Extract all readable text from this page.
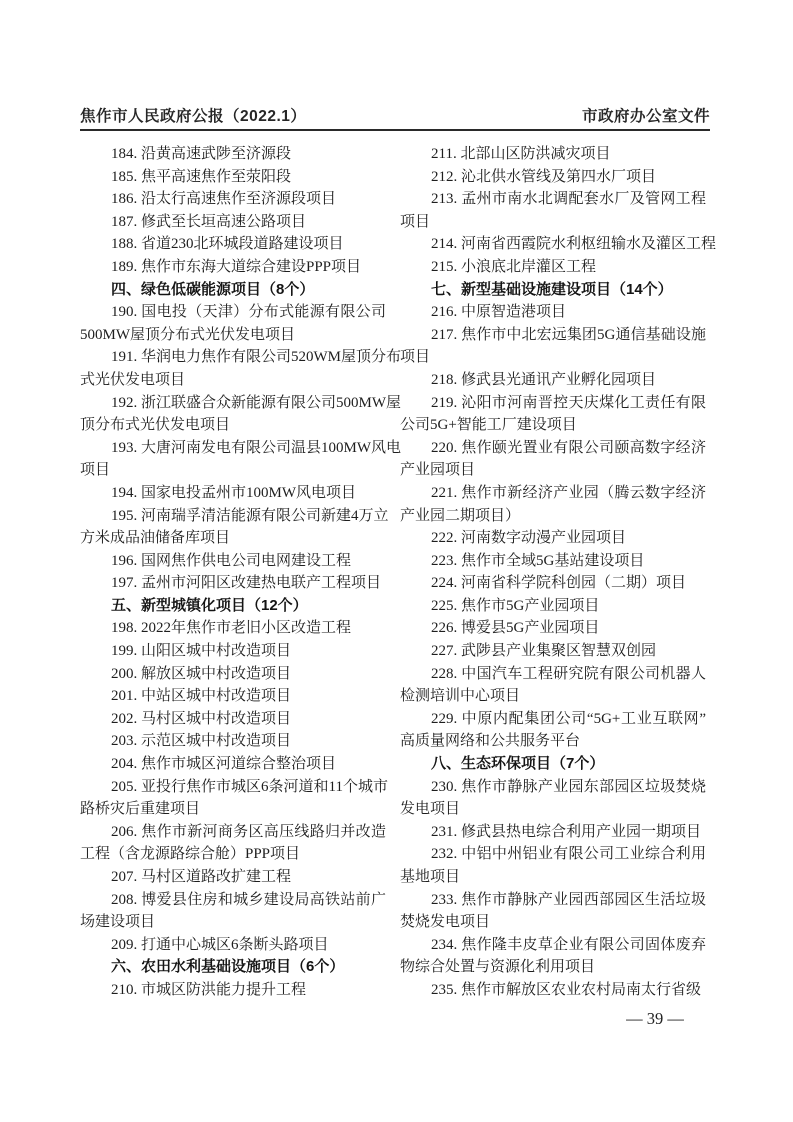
焦作市人民政府公报（2022.1）	市政府办公室文件
184. 沿黄高速武陟至济源段
185. 焦平高速焦作至荥阳段
186. 沿太行高速焦作至济源段项目
187. 修武至长垣高速公路项目
188. 省道230北环城段道路建设项目
189. 焦作市东海大道综合建设PPP项目
四、绿色低碳能源项目（8个）
190. 国电投（天津）分布式能源有限公司
500MW屋顶分布式光伏发电项目
191. 华润电力焦作有限公司520WM屋顶分布
式光伏发电项目
192. 浙江联盛合众新能源有限公司500MW屋
顶分布式光伏发电项目
193. 大唐河南发电有限公司温县100MW风电
项目
194. 国家电投孟州市100MW风电项目
195. 河南瑞孚清洁能源有限公司新建4万立
方米成品油储备库项目
196. 国网焦作供电公司电网建设工程
197. 孟州市河阳区改建热电联产工程项目
五、新型城镇化项目（12个）
198. 2022年焦作市老旧小区改造工程
199. 山阳区城中村改造项目
200. 解放区城中村改造项目
201. 中站区城中村改造项目
202. 马村区城中村改造项目
203. 示范区城中村改造项目
204. 焦作市城区河道综合整治项目
205. 亚投行焦作市城区6条河道和11个城市
路桥灾后重建项目
206. 焦作市新河商务区高压线路归并改造
工程（含龙源路综合舱）PPP项目
207. 马村区道路改扩建工程
208. 博爱县住房和城乡建设局高铁站前广
场建设项目
209. 打通中心城区6条断头路项目
六、农田水利基础设施项目（6个）
210. 市城区防洪能力提升工程
211. 北部山区防洪减灾项目
212. 沁北供水管线及第四水厂项目
213. 孟州市南水北调配套水厂及管网工程
项目
214. 河南省西霞院水利枢纽输水及灌区工程
215. 小浪底北岸灌区工程
七、新型基础设施建设项目（14个）
216. 中原智造港项目
217. 焦作市中北宏远集团5G通信基础设施
项目
218. 修武县光通讯产业孵化园项目
219. 沁阳市河南晋控天庆煤化工责任有限
公司5G+智能工厂建设项目
220. 焦作颐光置业有限公司颐高数字经济
产业园项目
221. 焦作市新经济产业园（腾云数字经济
产业园二期项目）
222. 河南数字动漫产业园项目
223. 焦作市全域5G基站建设项目
224. 河南省科学院科创园（二期）项目
225. 焦作市5G产业园项目
226. 博爱县5G产业园项目
227. 武陟县产业集聚区智慧双创园
228. 中国汽车工程研究院有限公司机器人
检测培训中心项目
229. 中原内配集团公司“5G+工业互联网”
高质量网络和公共服务平台
八、生态环保项目（7个）
230. 焦作市静脉产业园东部园区垃圾焚烧
发电项目
231. 修武县热电综合利用产业园一期项目
232. 中铝中州铝业有限公司工业综合利用
基地项目
233. 焦作市静脉产业园西部园区生活垃圾
焚烧发电项目
234. 焦作隆丰皮草企业有限公司固体废弃
物综合处置与资源化利用项目
235. 焦作市解放区农业农村局南太行省级
— 39 —
